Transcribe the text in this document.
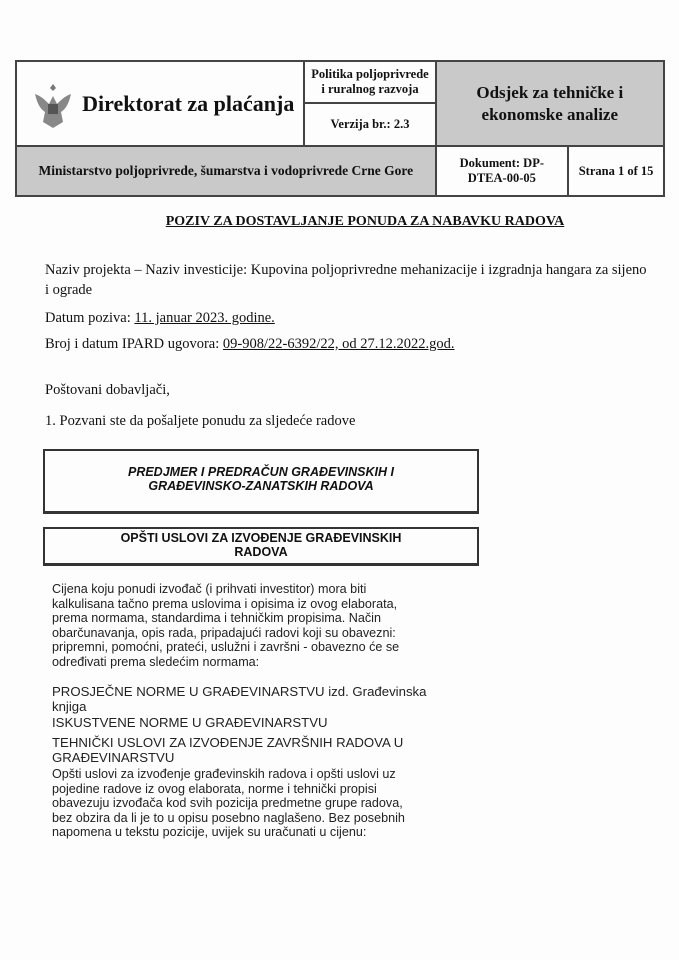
Direktorat za plaćanja	Politika poljoprivrede i ruralnog razvoja	Odsjek za tehničke i ekonomske analize	
	Verzija br.: 2.3		
Ministarstvo poljoprivrede, šumarstva i vodoprivrede Crne Gore		Dokument: DP-DTEA-00-05	Strana 1 of 15
POZIV ZA DOSTAVLJANJE PONUDA ZA NABAVKU RADOVA
Naziv projekta – Naziv investicije: Kupovina poljoprivredne mehanizacije i izgradnja hangara za sijeno
i ograde
Datum poziva: 11. januar 2023. godine.
Broj i datum IPARD ugovora: 09-908/22-6392/22, od 27.12.2022.god.
Poštovani dobavljači,
1. Pozvani ste da pošaljete ponudu za sljedeće radove
PREDJMER I PREDRAČUN GRAĐEVINSKIH I
GRAĐEVINSKO-ZANATSKIH RADOVA
OPŠTI USLOVI ZA IZVOĐENJE GRAĐEVINSKIH
RADOVA
Cijena koju ponudi izvođač (i prihvati investitor) mora biti
kalkulisana tačno prema uslovima i opisima iz ovog elaborata,
prema normama, standardima i tehničkim propisima. Način
obarčunavanja, opis rada, pripadajući radovi koji su obavezni:
pripremni, pomoćni, prateći, uslužni i završni - obavezno će se
određivati prema sledećim normama:
PROSJEČNE NORME U GRAĐEVINARSTVU izd. Građevinska
knjiga
ISKUSTVENE NORME U GRAĐEVINARSTVU
TEHNIČKI USLOVI ZA IZVOĐENJE ZAVRŠNIH RADOVA U
GRAĐEVINARSTVU
Opšti uslovi za izvođenje građevinskih radova i opšti uslovi uz
pojedine radove iz ovog elaborata, norme i tehnički propisi
obavezuju izvođača kod svih pozicija predmetne grupe radova,
bez obzira da li je to u opisu posebno naglašeno. Bez posebnih
napomena u tekstu pozicije, uvijek su uračunati u cijenu:
